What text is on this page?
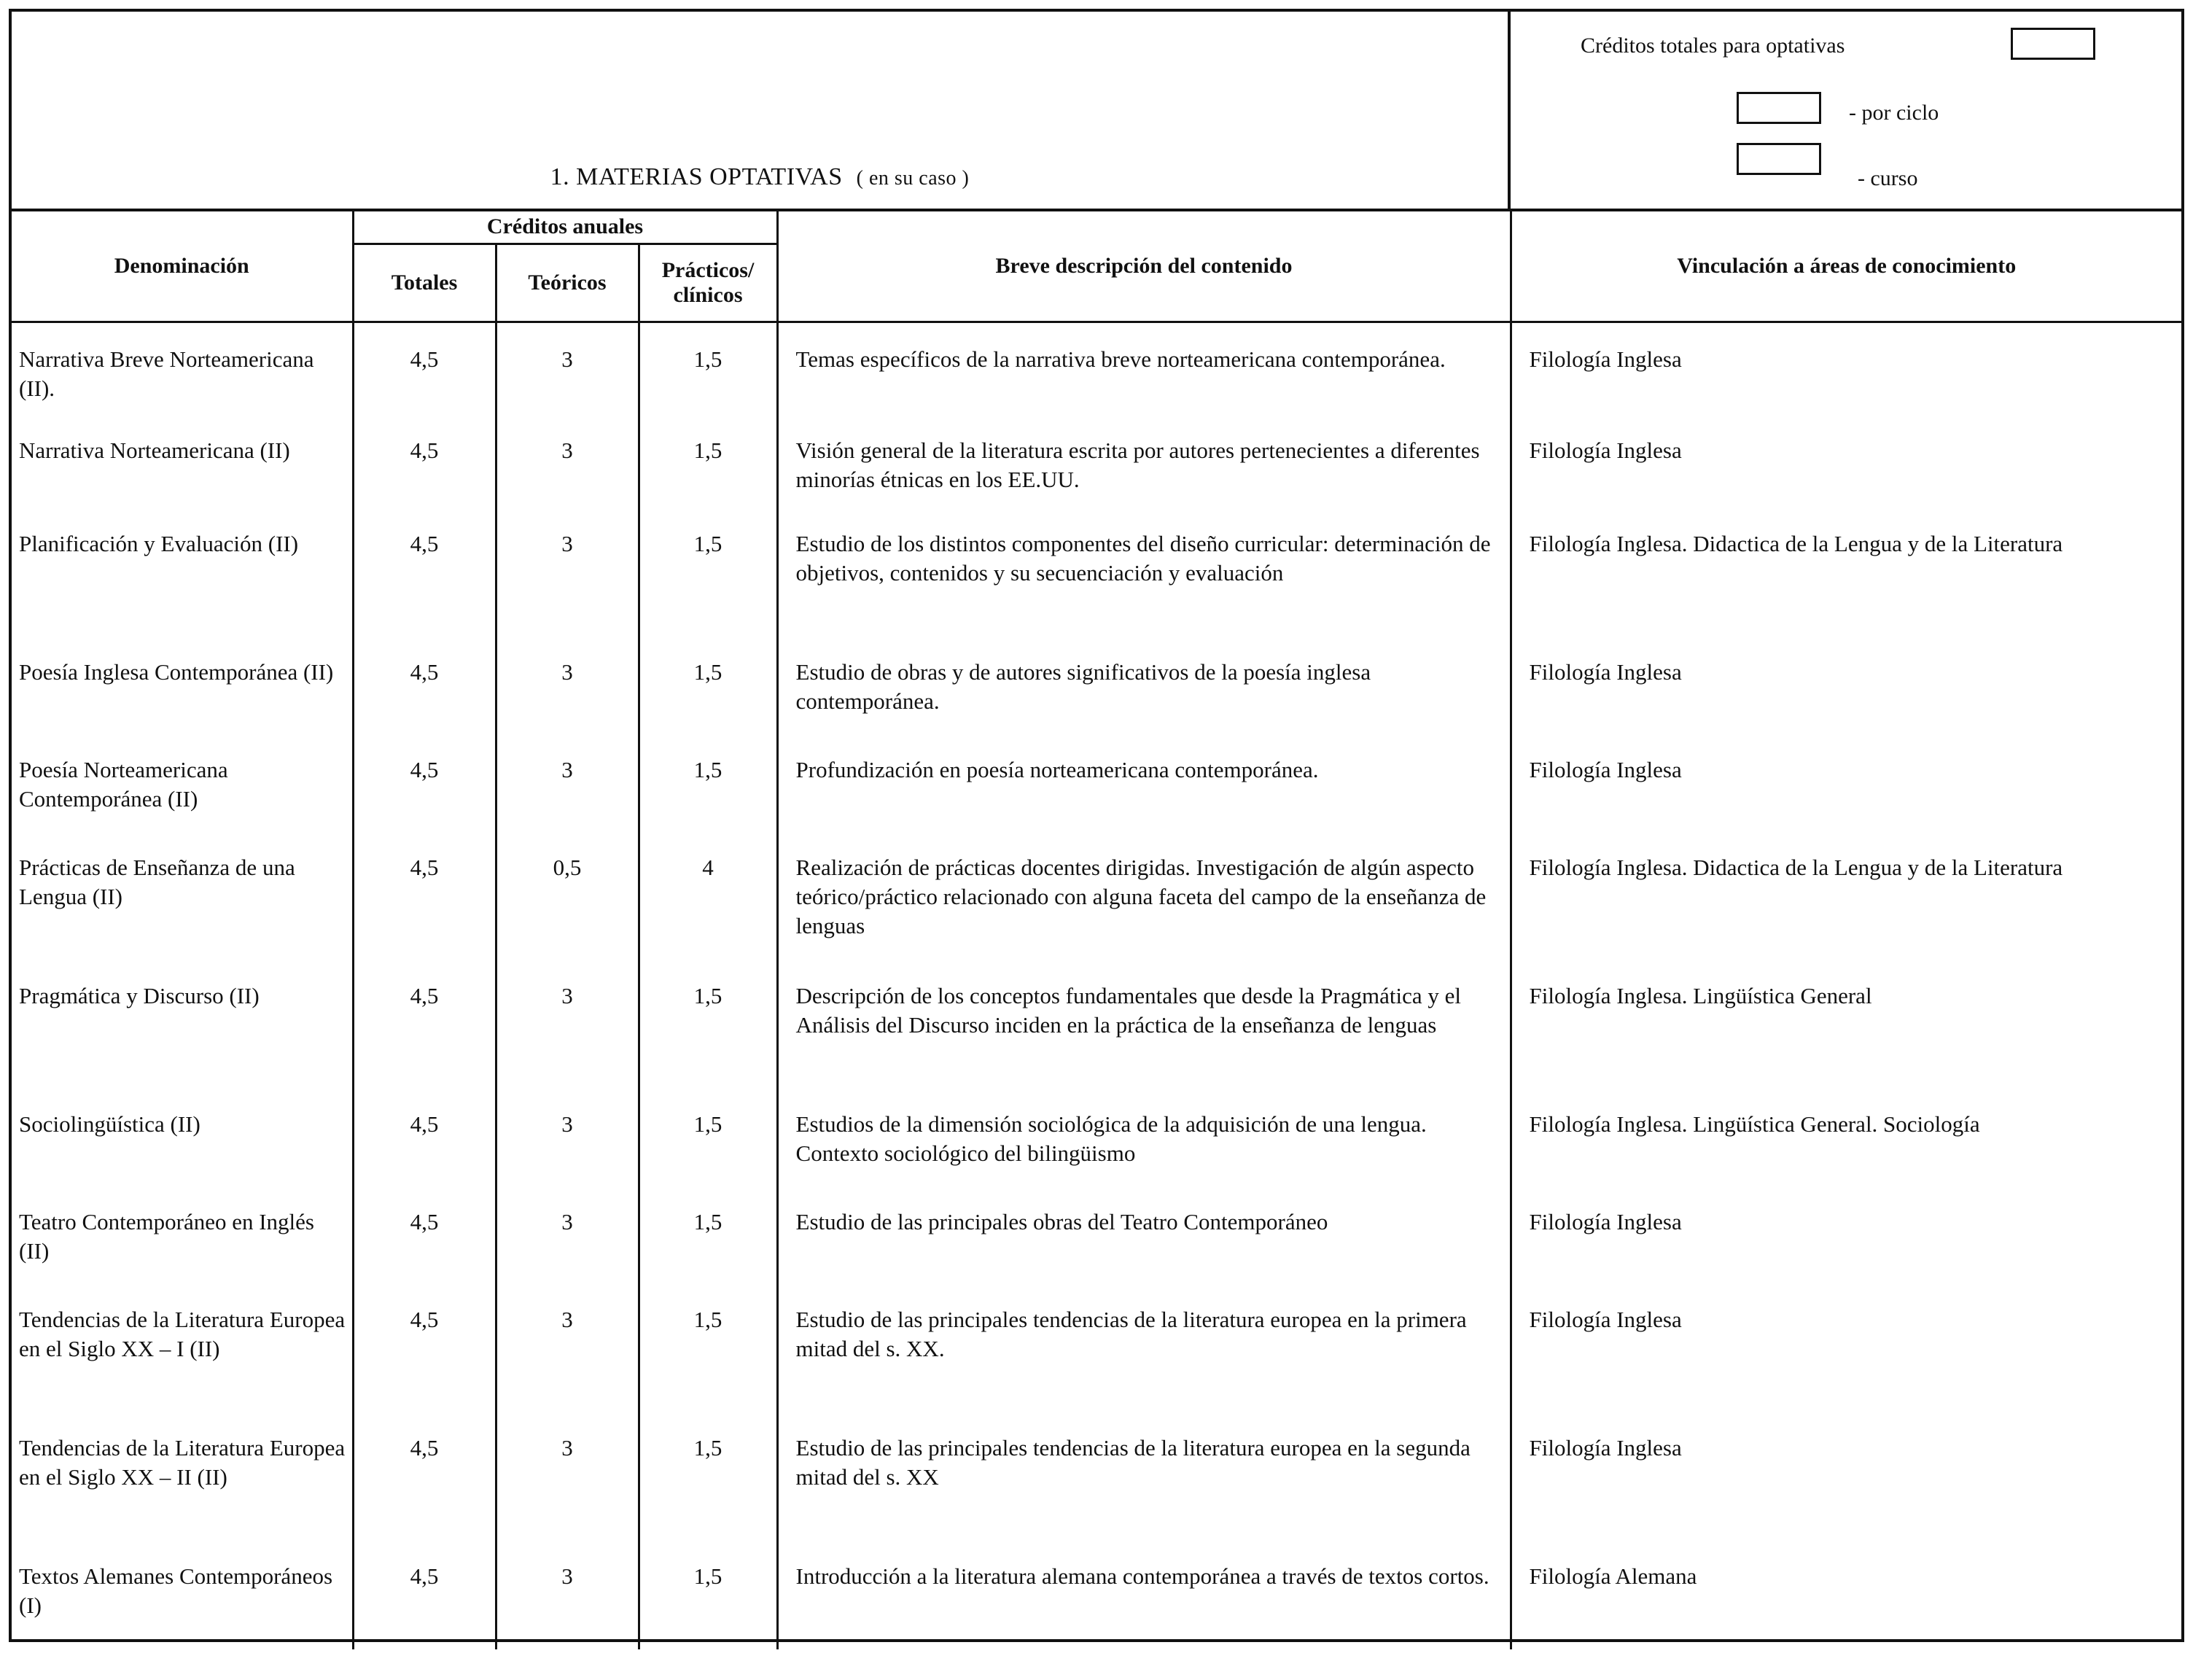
1. MATERIAS OPTATIVAS ( en su caso )
Créditos totales para optativas
- por ciclo
- curso
Denominación	Créditos anuales			Breve descripción del contenido	Vinculación a áreas de conocimiento
	Totales	Teóricos	Prácticos/ clínicos		
Narrativa Breve Norteamericana (II).	4,5	3	1,5	Temas específicos de la narrativa breve norteamericana contemporánea.	Filología Inglesa
Narrativa Norteamericana (II)	4,5	3	1,5	Visión general de la literatura escrita por autores pertenecientes a diferentes minorías étnicas en los EE.UU.	Filología Inglesa
Planificación y Evaluación (II)	4,5	3	1,5	Estudio de los distintos componentes del diseño curricular: determinación de objetivos, contenidos y su secuenciación y evaluación	Filología Inglesa. Didactica de la Lengua y de la Literatura
Poesía Inglesa Contemporánea (II)	4,5	3	1,5	Estudio de obras y de autores significativos de la poesía inglesa contemporánea.	Filología Inglesa
Poesía Norteamericana Contemporánea (II)	4,5	3	1,5	Profundización en poesía norteamericana contemporánea.	Filología Inglesa
Prácticas de Enseñanza de una Lengua (II)	4,5	0,5	4	Realización de prácticas docentes dirigidas. Investigación de algún aspecto teórico/práctico relacionado con alguna faceta del campo de la enseñanza de lenguas	Filología Inglesa. Didactica de la Lengua y de la Literatura
Pragmática y Discurso (II)	4,5	3	1,5	Descripción de los conceptos fundamentales que desde la Pragmática y el Análisis del Discurso inciden en la práctica de la enseñanza de lenguas	Filología Inglesa. Lingüística General
Sociolingüística (II)	4,5	3	1,5	Estudios de la dimensión sociológica de la adquisición de una lengua. Contexto sociológico del bilingüismo	Filología Inglesa. Lingüística General. Sociología
Teatro Contemporáneo en Inglés (II)	4,5	3	1,5	Estudio de las principales obras del Teatro Contemporáneo	Filología Inglesa
Tendencias de la Literatura Europea en el Siglo XX – I (II)	4,5	3	1,5	Estudio de las principales tendencias de la literatura europea en la primera mitad del s. XX.	Filología Inglesa
Tendencias de la Literatura Europea en el Siglo XX – II (II)	4,5	3	1,5	Estudio de las principales tendencias de la literatura europea en la segunda mitad del s. XX	Filología Inglesa
Textos Alemanes Contemporáneos (I)	4,5	3	1,5	Introducción a la literatura alemana contemporánea a través de textos cortos.	Filología Alemana
